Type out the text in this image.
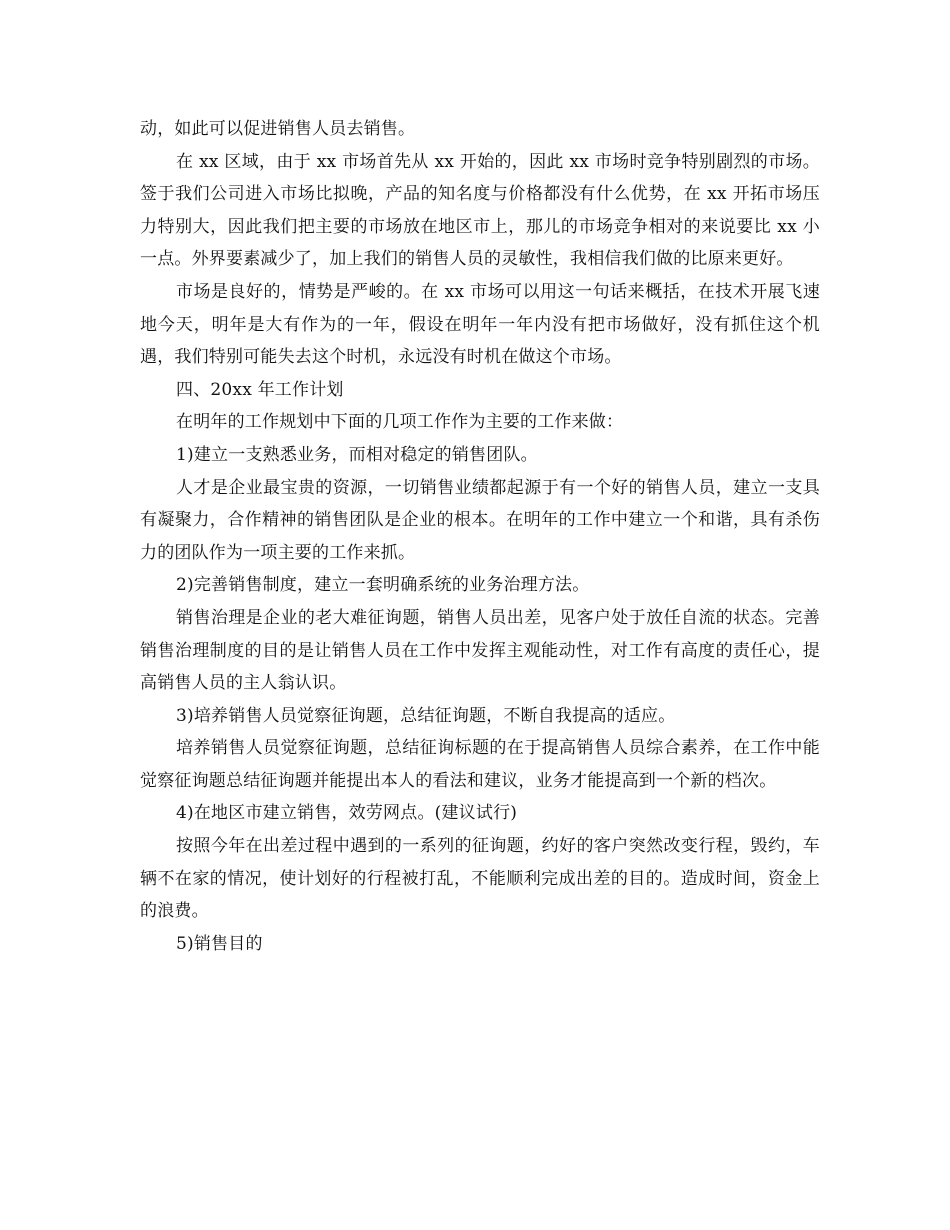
动，如此可以促进销售人员去销售。

在 xx 区域，由于 xx 市场首先从 xx 开始的，因此 xx 市场时竞争特别剧烈的市场。签于我们公司进入市场比拟晚，产品的知名度与价格都没有什么优势，在 xx 开拓市场压力特别大，因此我们把主要的市场放在地区市上，那儿的市场竞争相对的来说要比 xx 小一点。外界要素减少了，加上我们的销售人员的灵敏性，我相信我们做的比原来更好。

市场是良好的，情势是严峻的。在 xx 市场可以用这一句话来概括，在技术开展飞速地今天，明年是大有作为的一年，假设在明年一年内没有把市场做好，没有抓住这个机遇，我们特别可能失去这个时机，永远没有时机在做这个市场。

四、20xx 年工作计划

在明年的工作规划中下面的几项工作作为主要的工作来做：

1)建立一支熟悉业务，而相对稳定的销售团队。

人才是企业最宝贵的资源，一切销售业绩都起源于有一个好的销售人员，建立一支具有凝聚力，合作精神的销售团队是企业的根本。在明年的工作中建立一个和谐，具有杀伤力的团队作为一项主要的工作来抓。

2)完善销售制度，建立一套明确系统的业务治理方法。

销售治理是企业的老大难征询题，销售人员出差，见客户处于放任自流的状态。完善销售治理制度的目的是让销售人员在工作中发挥主观能动性，对工作有高度的责任心，提高销售人员的主人翁认识。

3)培养销售人员觉察征询题，总结征询题，不断自我提高的适应。

培养销售人员觉察征询题，总结征询标题的在于提高销售人员综合素养，在工作中能觉察征询题总结征询题并能提出本人的看法和建议，业务才能提高到一个新的档次。

4)在地区市建立销售，效劳网点。(建议试行)

按照今年在出差过程中遇到的一系列的征询题，约好的客户突然改变行程，毁约，车辆不在家的情况，使计划好的行程被打乱，不能顺利完成出差的目的。造成时间，资金上的浪费。

5)销售目的
